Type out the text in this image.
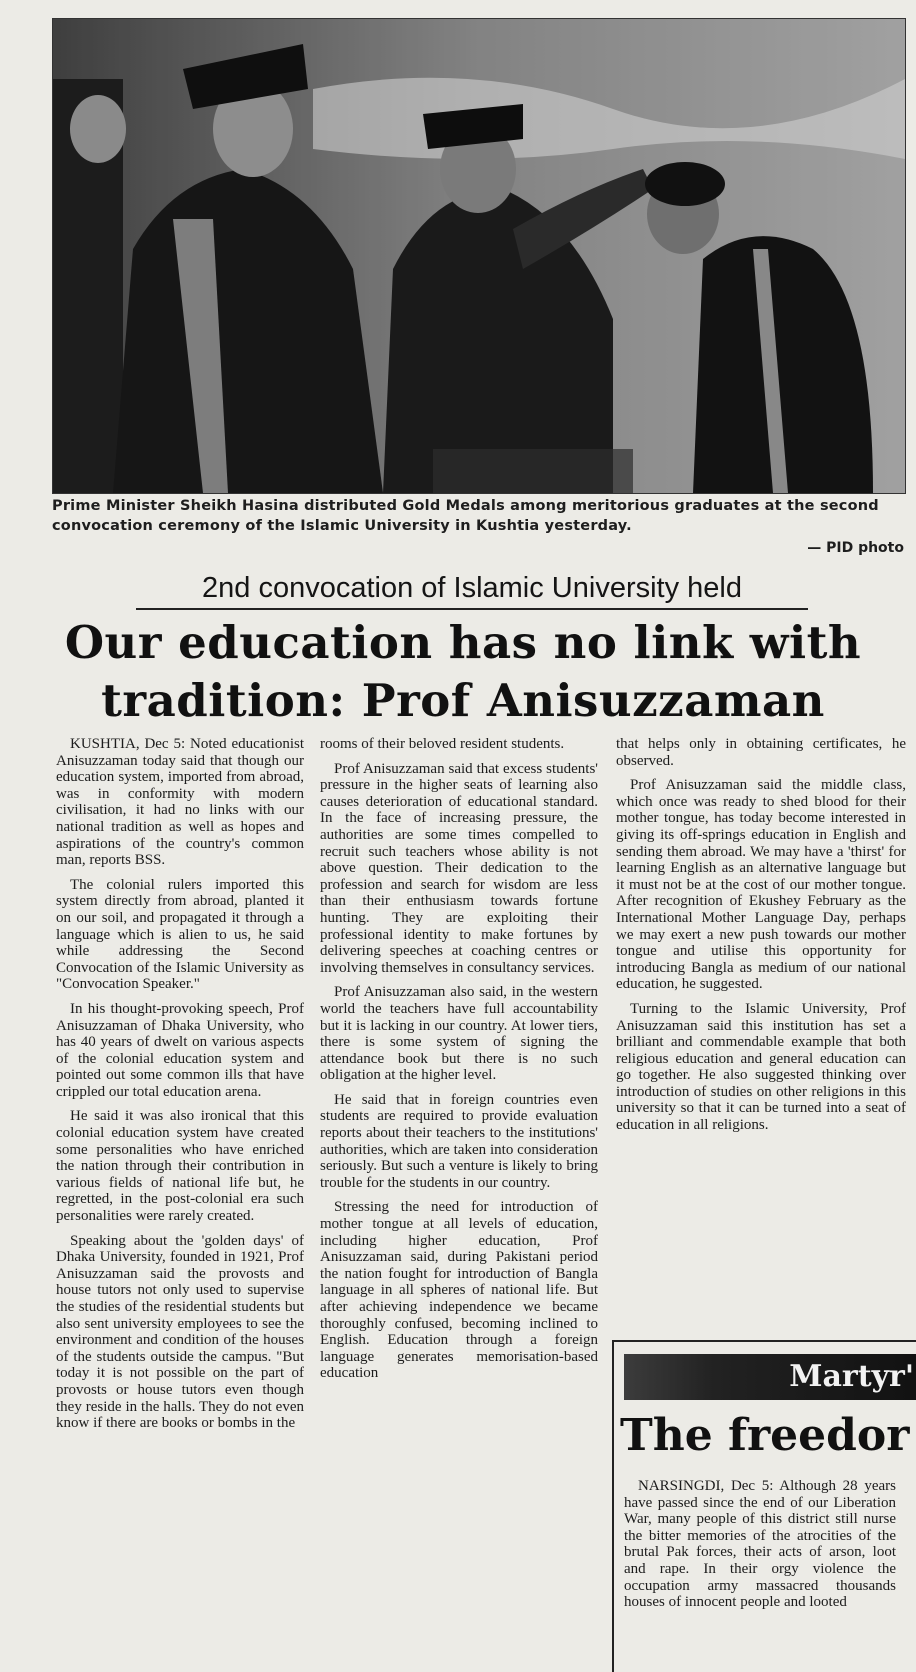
Prime Minister Sheikh Hasina distributed Gold Medals among meritorious graduates at the second convocation ceremony of the Islamic University in Kushtia yesterday.
— PID photo
2nd convocation of Islamic University held
Our education has no link with tradition: Prof Anisuzzaman

KUSHTIA, Dec 5: Noted educationist Anisuzzaman today said that though our education system, imported from abroad, was in conformity with modern civilisation, it had no links with our national tradition as well as hopes and aspirations of the country's common man, reports BSS.

The colonial rulers imported this system directly from abroad, planted it on our soil, and propagated it through a language which is alien to us, he said while addressing the Second Convocation of the Islamic University as "Convocation Speaker."

In his thought-provoking speech, Prof Anisuzzaman of Dhaka University, who has 40 years of dwelt on various aspects of the colonial education system and pointed out some common ills that have crippled our total education arena.

He said it was also ironical that this colonial education system have created some personalities who have enriched the nation through their contribution in various fields of national life but, he regretted, in the post-colonial era such personalities were rarely created.

Speaking about the 'golden days' of Dhaka University, founded in 1921, Prof Anisuzzaman said the provosts and house tutors not only used to supervise the studies of the residential students but also sent university employees to see the environment and condition of the houses of the students outside the campus. "But today it is not possible on the part of provosts or house tutors even though they reside in the halls. They do not even know if there are books or bombs in the

rooms of their beloved resident students.

Prof Anisuzzaman said that excess students' pressure in the higher seats of learning also causes deterioration of educational standard. In the face of increasing pressure, the authorities are some times compelled to recruit such teachers whose ability is not above question. Their dedication to the profession and search for wisdom are less than their enthusiasm towards fortune hunting. They are exploiting their professional identity to make fortunes by delivering speeches at coaching centres or involving themselves in consultancy services.

Prof Anisuzzaman also said, in the western world the teachers have full accountability but it is lacking in our country. At lower tiers, there is some system of signing the attendance book but there is no such obligation at the higher level.

He said that in foreign countries even students are required to provide evaluation reports about their teachers to the institutions' authorities, which are taken into consideration seriously. But such a venture is likely to bring trouble for the students in our country.

Stressing the need for introduction of mother tongue at all levels of education, including higher education, Prof Anisuzzaman said, during Pakistani period the nation fought for introduction of Bangla language in all spheres of national life. But after achieving independence we became thoroughly confused, becoming inclined to English. Education through a foreign language generates memorisation-based education

that helps only in obtaining certificates, he observed.

Prof Anisuzzaman said the middle class, which once was ready to shed blood for their mother tongue, has today become interested in giving its off-springs education in English and sending them abroad. We may have a 'thirst' for learning English as an alternative language but it must not be at the cost of our mother tongue. After recognition of Ekushey February as the International Mother Language Day, perhaps we may exert a new push towards our mother tongue and utilise this opportunity for introducing Bangla as medium of our national education, he suggested.

Turning to the Islamic University, Prof Anisuzzaman said this institution has set a brilliant and commendable example that both religious education and general education can go together. He also suggested thinking over introduction of studies on other religions in this university so that it can be turned into a seat of education in all religions.

Martyr'
The freedor

NARSINGDI, Dec 5: Although 28 years have passed since the end of our Liberation War, many people of this district still nurse the bitter memories of the atrocities of the brutal Pak forces, their acts of arson, loot and rape. In their orgy violence the occupation army massacred thousands houses of innocent people and looted
